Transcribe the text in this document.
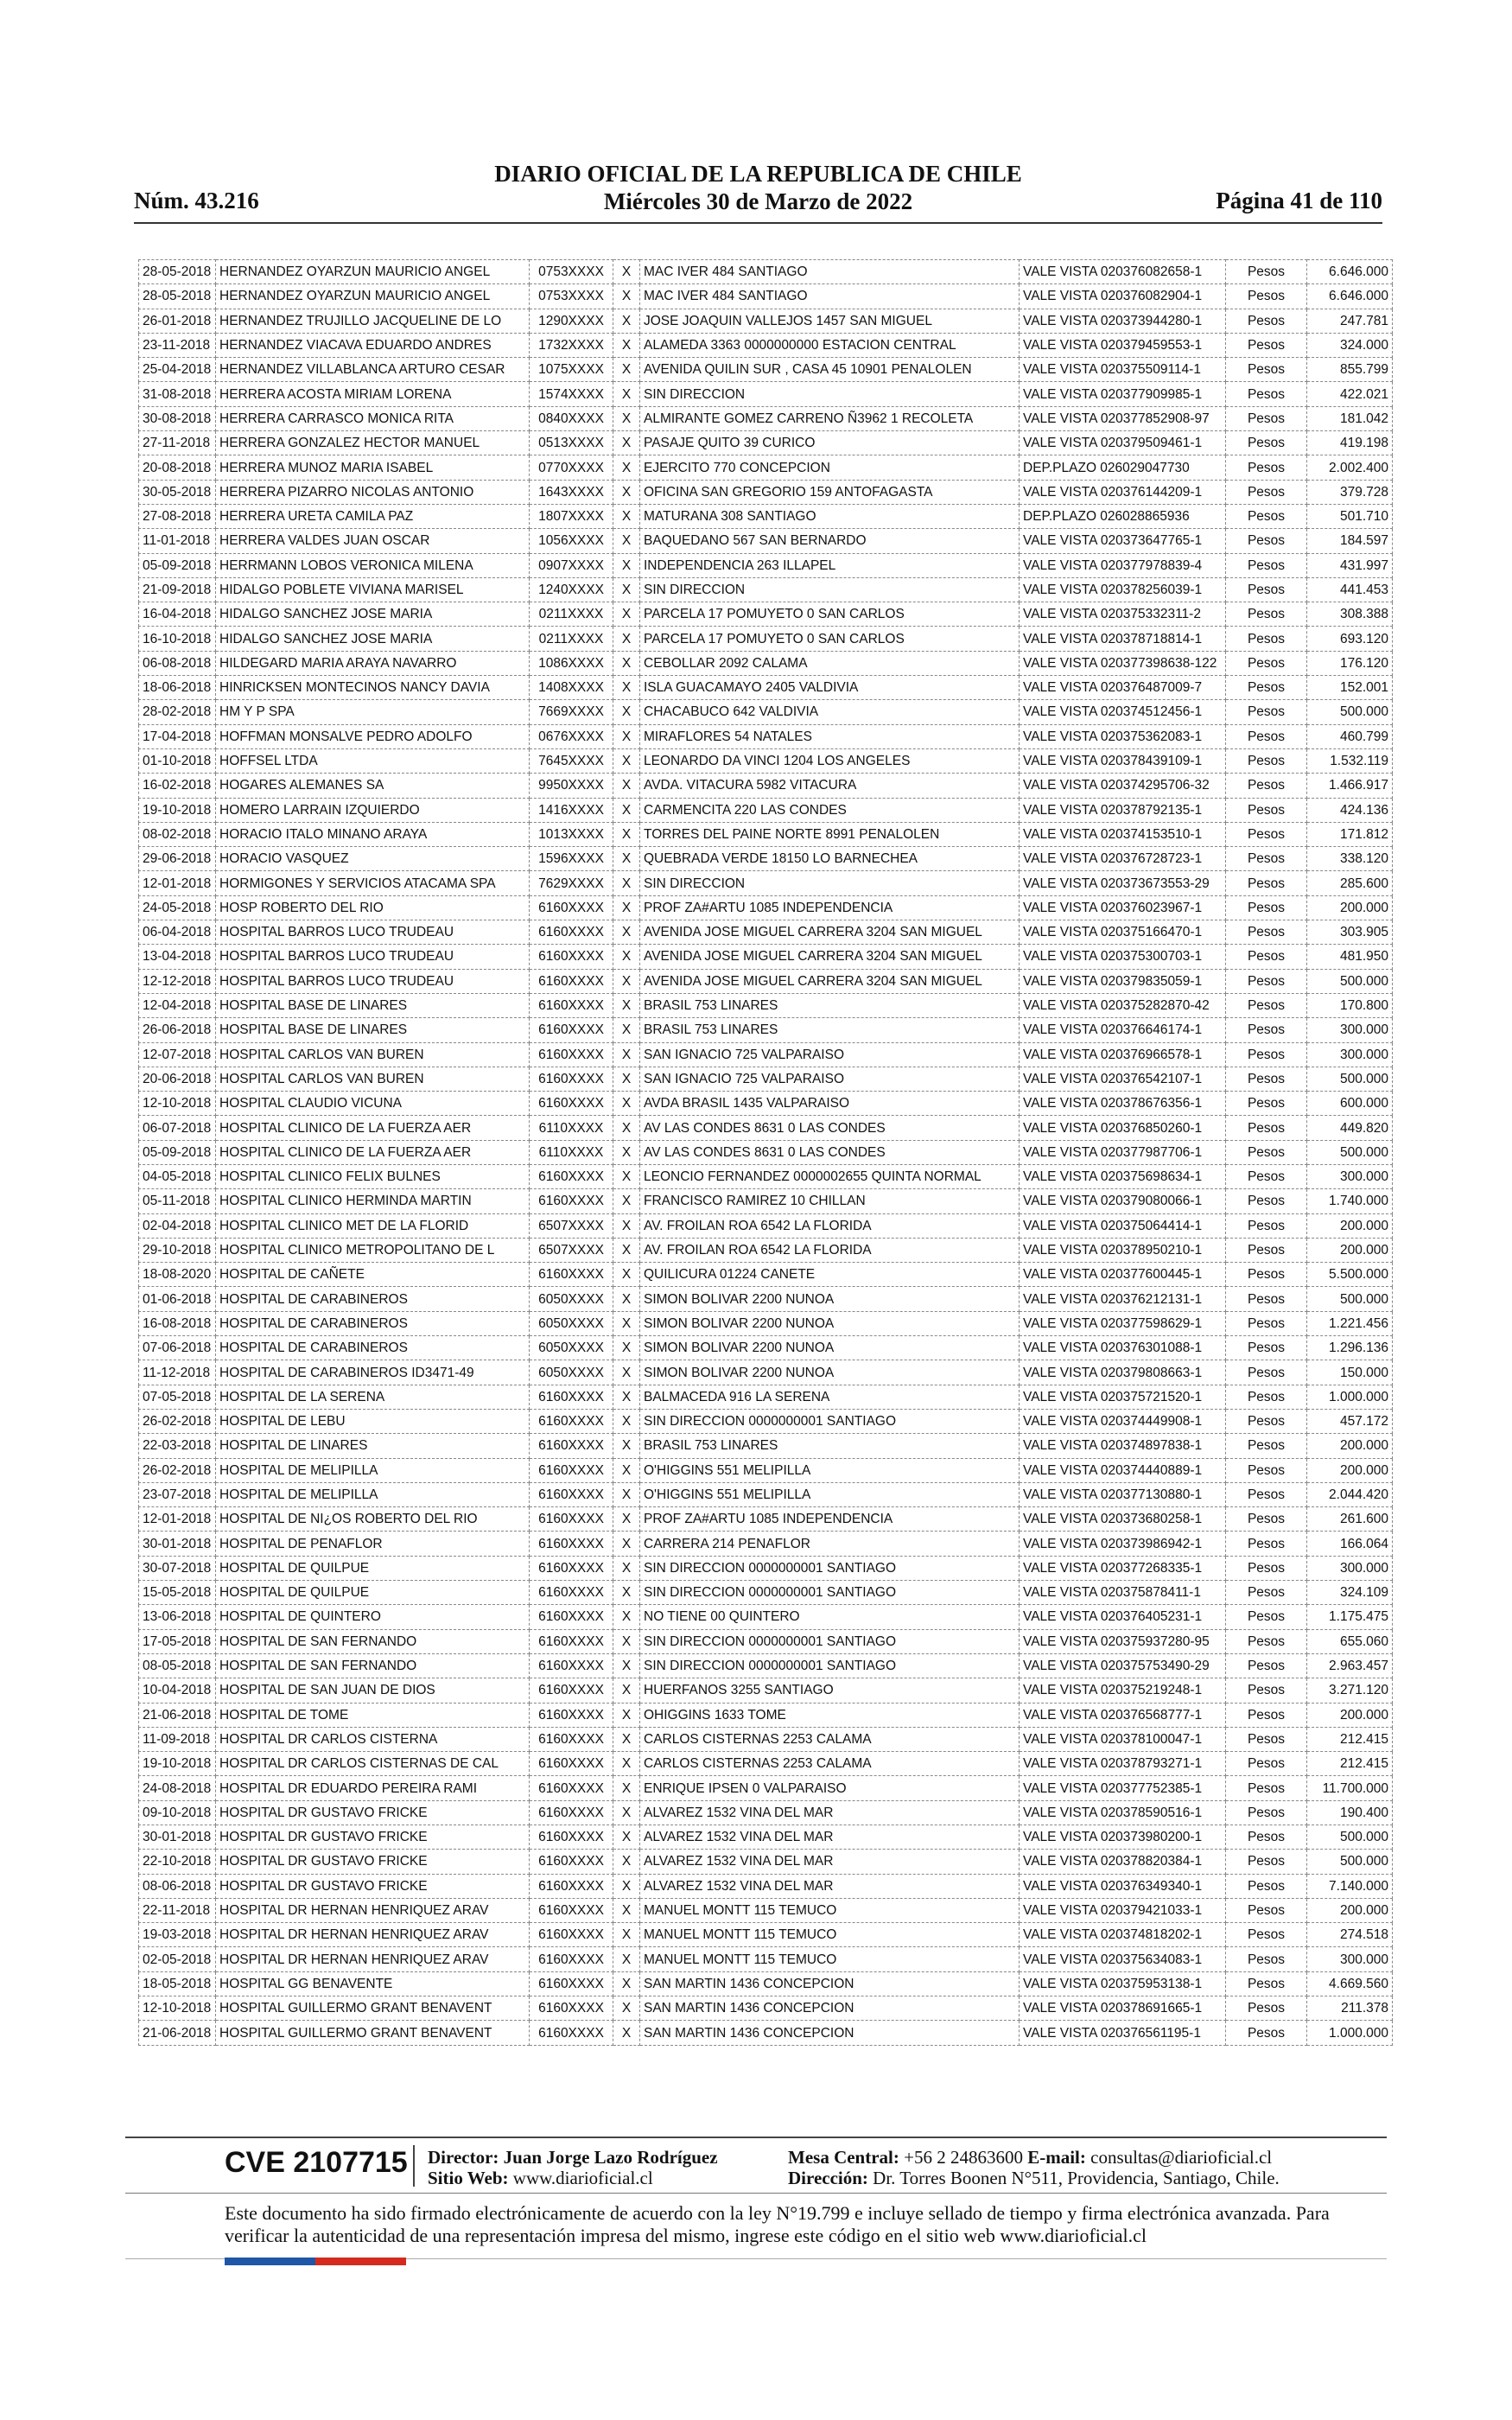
Núm. 43.216
DIARIO OFICIAL DE LA REPUBLICA DE CHILE
Miércoles 30 de Marzo de 2022	Página 41 de 110
28-05-2018	HERNANDEZ OYARZUN MAURICIO ANGEL	0753XXXX	X	MAC IVER 484 SANTIAGO	VALE VISTA 020376082658-1	Pesos	6.646.000
28-05-2018	HERNANDEZ OYARZUN MAURICIO ANGEL	0753XXXX	X	MAC IVER 484 SANTIAGO	VALE VISTA 020376082904-1	Pesos	6.646.000
26-01-2018	HERNANDEZ TRUJILLO JACQUELINE DE LO	1290XXXX	X	JOSE JOAQUIN VALLEJOS 1457 SAN MIGUEL	VALE VISTA 020373944280-1	Pesos	247.781
23-11-2018	HERNANDEZ VIACAVA EDUARDO ANDRES	1732XXXX	X	ALAMEDA 3363 0000000000 ESTACION CENTRAL	VALE VISTA 020379459553-1	Pesos	324.000
25-04-2018	HERNANDEZ VILLABLANCA ARTURO CESAR	1075XXXX	X	AVENIDA QUILIN SUR , CASA 45 10901 PENALOLEN	VALE VISTA 020375509114-1	Pesos	855.799
31-08-2018	HERRERA ACOSTA MIRIAM LORENA	1574XXXX	X	SIN DIRECCION	VALE VISTA 020377909985-1	Pesos	422.021
30-08-2018	HERRERA CARRASCO MONICA RITA	0840XXXX	X	ALMIRANTE GOMEZ CARRENO Ñ3962 1 RECOLETA	VALE VISTA 020377852908-97	Pesos	181.042
27-11-2018	HERRERA GONZALEZ HECTOR MANUEL	0513XXXX	X	PASAJE QUITO 39 CURICO	VALE VISTA 020379509461-1	Pesos	419.198
20-08-2018	HERRERA MUNOZ MARIA ISABEL	0770XXXX	X	EJERCITO 770 CONCEPCION	DEP.PLAZO 026029047730	Pesos	2.002.400
30-05-2018	HERRERA PIZARRO NICOLAS ANTONIO	1643XXXX	X	OFICINA SAN GREGORIO 159 ANTOFAGASTA	VALE VISTA 020376144209-1	Pesos	379.728
27-08-2018	HERRERA URETA CAMILA PAZ	1807XXXX	X	MATURANA 308 SANTIAGO	DEP.PLAZO 026028865936	Pesos	501.710
11-01-2018	HERRERA VALDES JUAN OSCAR	1056XXXX	X	BAQUEDANO 567 SAN BERNARDO	VALE VISTA 020373647765-1	Pesos	184.597
05-09-2018	HERRMANN LOBOS VERONICA MILENA	0907XXXX	X	INDEPENDENCIA 263 ILLAPEL	VALE VISTA 020377978839-4	Pesos	431.997
21-09-2018	HIDALGO POBLETE VIVIANA MARISEL	1240XXXX	X	SIN DIRECCION	VALE VISTA 020378256039-1	Pesos	441.453
16-04-2018	HIDALGO SANCHEZ JOSE MARIA	0211XXXX	X	PARCELA 17 POMUYETO 0 SAN CARLOS	VALE VISTA 020375332311-2	Pesos	308.388
16-10-2018	HIDALGO SANCHEZ JOSE MARIA	0211XXXX	X	PARCELA 17 POMUYETO 0 SAN CARLOS	VALE VISTA 020378718814-1	Pesos	693.120
06-08-2018	HILDEGARD MARIA ARAYA NAVARRO	1086XXXX	X	CEBOLLAR 2092 CALAMA	VALE VISTA 020377398638-122	Pesos	176.120
18-06-2018	HINRICKSEN MONTECINOS NANCY DAVIA	1408XXXX	X	ISLA GUACAMAYO 2405 VALDIVIA	VALE VISTA 020376487009-7	Pesos	152.001
28-02-2018	HM Y P SPA	7669XXXX	X	CHACABUCO 642 VALDIVIA	VALE VISTA 020374512456-1	Pesos	500.000
17-04-2018	HOFFMAN MONSALVE PEDRO ADOLFO	0676XXXX	X	MIRAFLORES 54 NATALES	VALE VISTA 020375362083-1	Pesos	460.799
01-10-2018	HOFFSEL LTDA	7645XXXX	X	LEONARDO DA VINCI 1204 LOS ANGELES	VALE VISTA 020378439109-1	Pesos	1.532.119
16-02-2018	HOGARES ALEMANES SA	9950XXXX	X	AVDA. VITACURA 5982 VITACURA	VALE VISTA 020374295706-32	Pesos	1.466.917
19-10-2018	HOMERO LARRAIN IZQUIERDO	1416XXXX	X	CARMENCITA 220 LAS CONDES	VALE VISTA 020378792135-1	Pesos	424.136
08-02-2018	HORACIO ITALO MINANO ARAYA	1013XXXX	X	TORRES DEL PAINE NORTE 8991 PENALOLEN	VALE VISTA 020374153510-1	Pesos	171.812
29-06-2018	HORACIO VASQUEZ	1596XXXX	X	QUEBRADA VERDE 18150 LO BARNECHEA	VALE VISTA 020376728723-1	Pesos	338.120
12-01-2018	HORMIGONES Y SERVICIOS ATACAMA SPA	7629XXXX	X	SIN DIRECCION	VALE VISTA 020373673553-29	Pesos	285.600
24-05-2018	HOSP ROBERTO DEL RIO	6160XXXX	X	PROF ZA#ARTU 1085 INDEPENDENCIA	VALE VISTA 020376023967-1	Pesos	200.000
06-04-2018	HOSPITAL BARROS LUCO TRUDEAU	6160XXXX	X	AVENIDA JOSE MIGUEL CARRERA 3204 SAN MIGUEL	VALE VISTA 020375166470-1	Pesos	303.905
13-04-2018	HOSPITAL BARROS LUCO TRUDEAU	6160XXXX	X	AVENIDA JOSE MIGUEL CARRERA 3204 SAN MIGUEL	VALE VISTA 020375300703-1	Pesos	481.950
12-12-2018	HOSPITAL BARROS LUCO TRUDEAU	6160XXXX	X	AVENIDA JOSE MIGUEL CARRERA 3204 SAN MIGUEL	VALE VISTA 020379835059-1	Pesos	500.000
12-04-2018	HOSPITAL BASE DE LINARES	6160XXXX	X	BRASIL 753 LINARES	VALE VISTA 020375282870-42	Pesos	170.800
26-06-2018	HOSPITAL BASE DE LINARES	6160XXXX	X	BRASIL 753 LINARES	VALE VISTA 020376646174-1	Pesos	300.000
12-07-2018	HOSPITAL CARLOS VAN BUREN	6160XXXX	X	SAN IGNACIO 725 VALPARAISO	VALE VISTA 020376966578-1	Pesos	300.000
20-06-2018	HOSPITAL CARLOS VAN BUREN	6160XXXX	X	SAN IGNACIO 725 VALPARAISO	VALE VISTA 020376542107-1	Pesos	500.000
12-10-2018	HOSPITAL CLAUDIO VICUNA	6160XXXX	X	AVDA BRASIL 1435 VALPARAISO	VALE VISTA 020378676356-1	Pesos	600.000
06-07-2018	HOSPITAL CLINICO DE LA FUERZA AER	6110XXXX	X	AV LAS CONDES 8631 0 LAS CONDES	VALE VISTA 020376850260-1	Pesos	449.820
05-09-2018	HOSPITAL CLINICO DE LA FUERZA AER	6110XXXX	X	AV LAS CONDES 8631 0 LAS CONDES	VALE VISTA 020377987706-1	Pesos	500.000
04-05-2018	HOSPITAL CLINICO FELIX BULNES	6160XXXX	X	LEONCIO FERNANDEZ 0000002655 QUINTA NORMAL	VALE VISTA 020375698634-1	Pesos	300.000
05-11-2018	HOSPITAL CLINICO HERMINDA MARTIN	6160XXXX	X	FRANCISCO RAMIREZ 10 CHILLAN	VALE VISTA 020379080066-1	Pesos	1.740.000
02-04-2018	HOSPITAL CLINICO MET DE LA FLORID	6507XXXX	X	AV. FROILAN ROA 6542 LA FLORIDA	VALE VISTA 020375064414-1	Pesos	200.000
29-10-2018	HOSPITAL CLINICO METROPOLITANO DE L	6507XXXX	X	AV. FROILAN ROA 6542 LA FLORIDA	VALE VISTA 020378950210-1	Pesos	200.000
18-08-2020	HOSPITAL DE CAÑETE	6160XXXX	X	QUILICURA 01224 CANETE	VALE VISTA 020377600445-1	Pesos	5.500.000
01-06-2018	HOSPITAL DE CARABINEROS	6050XXXX	X	SIMON BOLIVAR 2200 NUNOA	VALE VISTA 020376212131-1	Pesos	500.000
16-08-2018	HOSPITAL DE CARABINEROS	6050XXXX	X	SIMON BOLIVAR 2200 NUNOA	VALE VISTA 020377598629-1	Pesos	1.221.456
07-06-2018	HOSPITAL DE CARABINEROS	6050XXXX	X	SIMON BOLIVAR 2200 NUNOA	VALE VISTA 020376301088-1	Pesos	1.296.136
11-12-2018	HOSPITAL DE CARABINEROS ID3471-49	6050XXXX	X	SIMON BOLIVAR 2200 NUNOA	VALE VISTA 020379808663-1	Pesos	150.000
07-05-2018	HOSPITAL DE LA SERENA	6160XXXX	X	BALMACEDA 916 LA SERENA	VALE VISTA 020375721520-1	Pesos	1.000.000
26-02-2018	HOSPITAL DE LEBU	6160XXXX	X	SIN DIRECCION 0000000001 SANTIAGO	VALE VISTA 020374449908-1	Pesos	457.172
22-03-2018	HOSPITAL DE LINARES	6160XXXX	X	BRASIL 753 LINARES	VALE VISTA 020374897838-1	Pesos	200.000
26-02-2018	HOSPITAL DE MELIPILLA	6160XXXX	X	O'HIGGINS 551 MELIPILLA	VALE VISTA 020374440889-1	Pesos	200.000
23-07-2018	HOSPITAL DE MELIPILLA	6160XXXX	X	O'HIGGINS 551 MELIPILLA	VALE VISTA 020377130880-1	Pesos	2.044.420
12-01-2018	HOSPITAL DE NI¿OS ROBERTO DEL RIO	6160XXXX	X	PROF ZA#ARTU 1085 INDEPENDENCIA	VALE VISTA 020373680258-1	Pesos	261.600
30-01-2018	HOSPITAL DE PENAFLOR	6160XXXX	X	CARRERA 214 PENAFLOR	VALE VISTA 020373986942-1	Pesos	166.064
30-07-2018	HOSPITAL DE QUILPUE	6160XXXX	X	SIN DIRECCION 0000000001 SANTIAGO	VALE VISTA 020377268335-1	Pesos	300.000
15-05-2018	HOSPITAL DE QUILPUE	6160XXXX	X	SIN DIRECCION 0000000001 SANTIAGO	VALE VISTA 020375878411-1	Pesos	324.109
13-06-2018	HOSPITAL DE QUINTERO	6160XXXX	X	NO TIENE 00 QUINTERO	VALE VISTA 020376405231-1	Pesos	1.175.475
17-05-2018	HOSPITAL DE SAN FERNANDO	6160XXXX	X	SIN DIRECCION 0000000001 SANTIAGO	VALE VISTA 020375937280-95	Pesos	655.060
08-05-2018	HOSPITAL DE SAN FERNANDO	6160XXXX	X	SIN DIRECCION 0000000001 SANTIAGO	VALE VISTA 020375753490-29	Pesos	2.963.457
10-04-2018	HOSPITAL DE SAN JUAN DE DIOS	6160XXXX	X	HUERFANOS 3255 SANTIAGO	VALE VISTA 020375219248-1	Pesos	3.271.120
21-06-2018	HOSPITAL DE TOME	6160XXXX	X	OHIGGINS 1633 TOME	VALE VISTA 020376568777-1	Pesos	200.000
11-09-2018	HOSPITAL DR CARLOS CISTERNA	6160XXXX	X	CARLOS CISTERNAS 2253 CALAMA	VALE VISTA 020378100047-1	Pesos	212.415
19-10-2018	HOSPITAL DR CARLOS CISTERNAS DE CAL	6160XXXX	X	CARLOS CISTERNAS 2253 CALAMA	VALE VISTA 020378793271-1	Pesos	212.415
24-08-2018	HOSPITAL DR EDUARDO PEREIRA RAMI	6160XXXX	X	ENRIQUE IPSEN 0 VALPARAISO	VALE VISTA 020377752385-1	Pesos	11.700.000
09-10-2018	HOSPITAL DR GUSTAVO FRICKE	6160XXXX	X	ALVAREZ 1532 VINA DEL MAR	VALE VISTA 020378590516-1	Pesos	190.400
30-01-2018	HOSPITAL DR GUSTAVO FRICKE	6160XXXX	X	ALVAREZ 1532 VINA DEL MAR	VALE VISTA 020373980200-1	Pesos	500.000
22-10-2018	HOSPITAL DR GUSTAVO FRICKE	6160XXXX	X	ALVAREZ 1532 VINA DEL MAR	VALE VISTA 020378820384-1	Pesos	500.000
08-06-2018	HOSPITAL DR GUSTAVO FRICKE	6160XXXX	X	ALVAREZ 1532 VINA DEL MAR	VALE VISTA 020376349340-1	Pesos	7.140.000
22-11-2018	HOSPITAL DR HERNAN HENRIQUEZ ARAV	6160XXXX	X	MANUEL MONTT 115 TEMUCO	VALE VISTA 020379421033-1	Pesos	200.000
19-03-2018	HOSPITAL DR HERNAN HENRIQUEZ ARAV	6160XXXX	X	MANUEL MONTT 115 TEMUCO	VALE VISTA 020374818202-1	Pesos	274.518
02-05-2018	HOSPITAL DR HERNAN HENRIQUEZ ARAV	6160XXXX	X	MANUEL MONTT 115 TEMUCO	VALE VISTA 020375634083-1	Pesos	300.000
18-05-2018	HOSPITAL GG BENAVENTE	6160XXXX	X	SAN MARTIN 1436 CONCEPCION	VALE VISTA 020375953138-1	Pesos	4.669.560
12-10-2018	HOSPITAL GUILLERMO GRANT BENAVENT	6160XXXX	X	SAN MARTIN 1436 CONCEPCION	VALE VISTA 020378691665-1	Pesos	211.378
21-06-2018	HOSPITAL GUILLERMO GRANT BENAVENT	6160XXXX	X	SAN MARTIN 1436 CONCEPCION	VALE VISTA 020376561195-1	Pesos	1.000.000
CVE 2107715 Director: Juan Jorge Lazo Rodríguez
Sitio Web: www.diarioficial.cl
Mesa Central: +56 2 24863600 E-mail: consultas@diarioficial.cl
Dirección: Dr. Torres Boonen N°511, Providencia, Santiago, Chile.
Este documento ha sido firmado electrónicamente de acuerdo con la ley N°19.799 e incluye sellado de tiempo y firma electrónica avanzada. Para verificar la autenticidad de una representación impresa del mismo, ingrese este código en el sitio web www.diarioficial.cl
